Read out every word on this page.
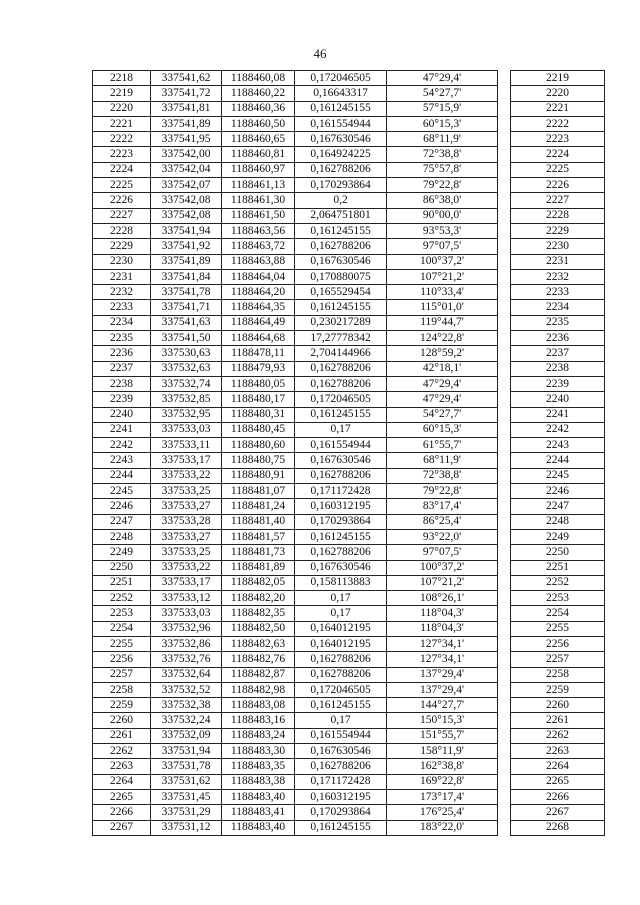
46
2218	337541,62	1188460,08	0,172046505	47°29,4'		2219
2219	337541,72	1188460,22	0,16643317	54°27,7'		2220
2220	337541,81	1188460,36	0,161245155	57°15,9'		2221
2221	337541,89	1188460,50	0,161554944	60°15,3'		2222
2222	337541,95	1188460,65	0,167630546	68°11,9'		2223
2223	337542,00	1188460,81	0,164924225	72°38,8'		2224
2224	337542,04	1188460,97	0,162788206	75°57,8'		2225
2225	337542,07	1188461,13	0,170293864	79°22,8'		2226
2226	337542,08	1188461,30	0,2	86°38,0'		2227
2227	337542,08	1188461,50	2,064751801	90°00,0'		2228
2228	337541,94	1188463,56	0,161245155	93°53,3'		2229
2229	337541,92	1188463,72	0,162788206	97°07,5'		2230
2230	337541,89	1188463,88	0,167630546	100°37,2'		2231
2231	337541,84	1188464,04	0,170880075	107°21,2'		2232
2232	337541,78	1188464,20	0,165529454	110°33,4'		2233
2233	337541,71	1188464,35	0,161245155	115°01,0'		2234
2234	337541,63	1188464,49	0,230217289	119°44,7'		2235
2235	337541,50	1188464,68	17,27778342	124°22,8'		2236
2236	337530,63	1188478,11	2,704144966	128°59,2'		2237
2237	337532,63	1188479,93	0,162788206	42°18,1'		2238
2238	337532,74	1188480,05	0,162788206	47°29,4'		2239
2239	337532,85	1188480,17	0,172046505	47°29,4'		2240
2240	337532,95	1188480,31	0,161245155	54°27,7'		2241
2241	337533,03	1188480,45	0,17	60°15,3'		2242
2242	337533,11	1188480,60	0,161554944	61°55,7'		2243
2243	337533,17	1188480,75	0,167630546	68°11,9'		2244
2244	337533,22	1188480,91	0,162788206	72°38,8'		2245
2245	337533,25	1188481,07	0,171172428	79°22,8'		2246
2246	337533,27	1188481,24	0,160312195	83°17,4'		2247
2247	337533,28	1188481,40	0,170293864	86°25,4'		2248
2248	337533,27	1188481,57	0,161245155	93°22,0'		2249
2249	337533,25	1188481,73	0,162788206	97°07,5'		2250
2250	337533,22	1188481,89	0,167630546	100°37,2'		2251
2251	337533,17	1188482,05	0,158113883	107°21,2'		2252
2252	337533,12	1188482,20	0,17	108°26,1'		2253
2253	337533,03	1188482,35	0,17	118°04,3'		2254
2254	337532,96	1188482,50	0,164012195	118°04,3'		2255
2255	337532,86	1188482,63	0,164012195	127°34,1'		2256
2256	337532,76	1188482,76	0,162788206	127°34,1'		2257
2257	337532,64	1188482,87	0,162788206	137°29,4'		2258
2258	337532,52	1188482,98	0,172046505	137°29,4'		2259
2259	337532,38	1188483,08	0,161245155	144°27,7'		2260
2260	337532,24	1188483,16	0,17	150°15,3'		2261
2261	337532,09	1188483,24	0,161554944	151°55,7'		2262
2262	337531,94	1188483,30	0,167630546	158°11,9'		2263
2263	337531,78	1188483,35	0,162788206	162°38,8'		2264
2264	337531,62	1188483,38	0,171172428	169°22,8'		2265
2265	337531,45	1188483,40	0,160312195	173°17,4'		2266
2266	337531,29	1188483,41	0,170293864	176°25,4'		2267
2267	337531,12	1188483,40	0,161245155	183°22,0'		2268
